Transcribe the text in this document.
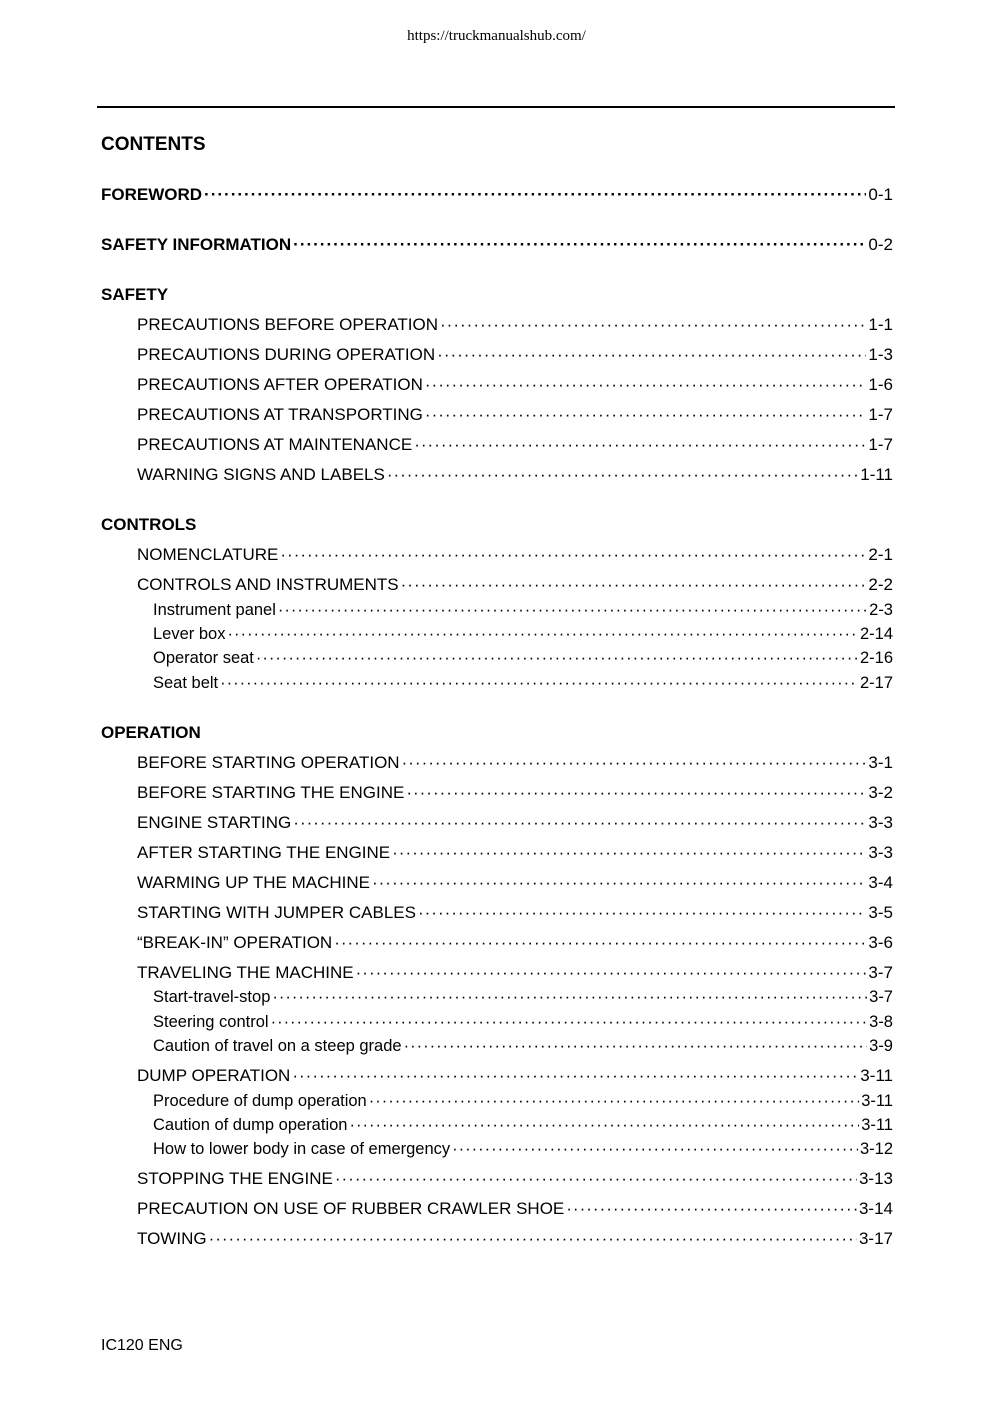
https://truckmanualshub.com/
CONTENTS
FOREWORD ·····	0-1
SAFETY INFORMATION ·····	0-2
SAFETY
PRECAUTIONS BEFORE OPERATION ·····	1-1
PRECAUTIONS DURING OPERATION ·····	1-3
PRECAUTIONS AFTER OPERATION ·····	1-6
PRECAUTIONS AT TRANSPORTING ·····	1-7
PRECAUTIONS AT MAINTENANCE ·····	1-7
WARNING SIGNS AND LABELS ·····	1-11
CONTROLS
NOMENCLATURE ·····	2-1
CONTROLS AND INSTRUMENTS ·····	2-2
Instrument panel ·····	2-3
Lever box ·····	2-14
Operator seat ·····	2-16
Seat belt ·····	2-17
OPERATION
BEFORE STARTING OPERATION ·····	3-1
BEFORE STARTING THE ENGINE ·····	3-2
ENGINE STARTING ·····	3-3
AFTER STARTING THE ENGINE ·····	3-3
WARMING UP THE MACHINE ·····	3-4
STARTING WITH JUMPER CABLES ·····	3-5
“BREAK-IN” OPERATION ·····	3-6
TRAVELING THE MACHINE ·····	3-7
Start-travel-stop ·····	3-7
Steering control ·····	3-8
Caution of travel on a steep grade ·····	3-9
DUMP OPERATION ·····	3-11
Procedure of dump operation ·····	3-11
Caution of dump operation ·····	3-11
How to lower body in case of emergency ·····	3-12
STOPPING THE ENGINE ·····	3-13
PRECAUTION ON USE OF RUBBER CRAWLER SHOE ·····	3-14
TOWING ·····	3-17
IC120 ENG
